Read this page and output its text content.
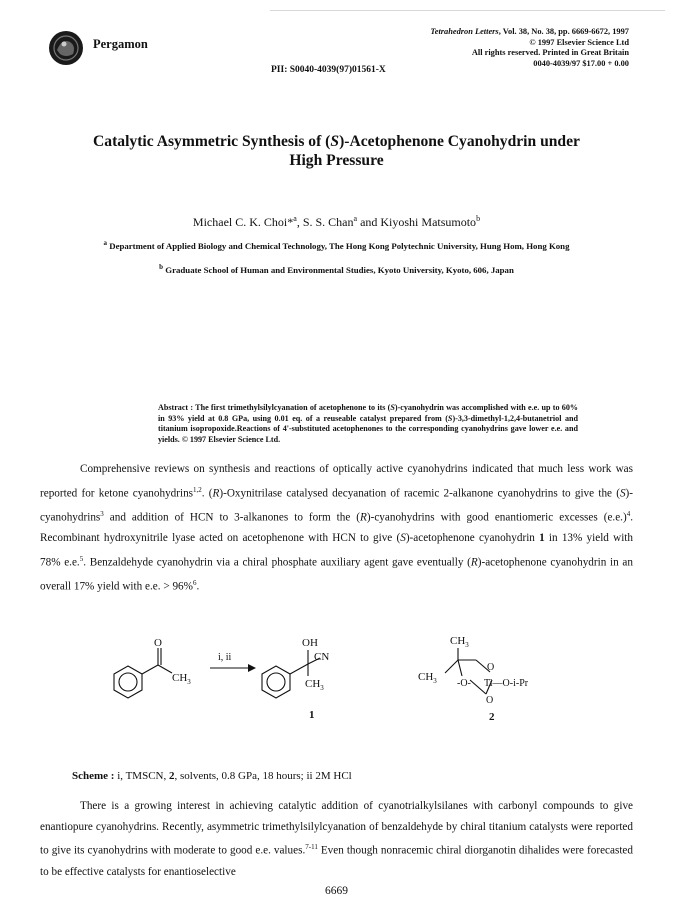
Pergamon
Tetrahedron Letters, Vol. 38, No. 38, pp. 6669-6672, 1997
© 1997 Elsevier Science Ltd
All rights reserved. Printed in Great Britain
0040-4039/97 $17.00 + 0.00
PII: S0040-4039(97)01561-X
Catalytic Asymmetric Synthesis of (S)-Acetophenone Cyanohydrin under
High Pressure
Michael C. K. Choi*$^a$, S. S. Chan$^a$ and Kiyoshi Matsumoto$^b$
$^a$ Department of Applied Biology and Chemical Technology, The Hong Kong Polytechnic University, Hung Hom, Hong Kong
$^b$ Graduate School of Human and Environmental Studies, Kyoto University, Kyoto, 606, Japan
Abstract : The first trimethylsilylcyanation of acetophenone to its (S)-cyanohydrin was accomplished with e.e. up to 60% in 93% yield at 0.8 GPa, using 0.01 eq. of a reuseable catalyst prepared from (S)-3,3-dimethyl-1,2,4-butanetriol and titanium isopropoxide.Reactions of 4'-substituted acetophenones to the corresponding cyanohydrins gave lower e.e. and yields. © 1997 Elsevier Science Ltd.

Comprehensive reviews on synthesis and reactions of optically active cyanohydrins indicated that much less work was reported for ketone cyanohydrins$^{1,2}$. (R)-Oxynitrilase catalysed decyanation of racemic 2-alkanone cyanohydrins to give the (S)-cyanohydrins$^3$ and addition of HCN to 3-alkanones to form the (R)-cyanohydrins with good enantiomeric excesses $(e.e.)^4$. Recombinant hydroxynitrile lyase acted on acetophenone with HCN to give (S)-acetophenone cyanohydrin 1 in 13% yield with 78% e.e.$^5$. Benzaldehyde cyanohydrin via a chiral phosphate auxiliary agent gave eventually (R)-acetophenone cyanohydrin in an overall 17% yield with e.e. > 96%$^6$.

O
$CH_3$
i, ii
OH
CN
$CH_3$
1
$CH_3$
$CH_3$
O
-O- Ti—O-i-Pr
O
2
Scheme : i, TMSCN, 2, solvents, 0.8 GPa, 18 hours; ii 2M HCl

There is a growing interest in achieving catalytic addition of cyanotrialkylsilanes with carbonyl compounds to give enantiopure cyanohydrins. Recently, asymmetric trimethylsilylcyanation of benzaldehyde by chiral titanium catalysts were reported to give its cyanohydrins with moderate to good e.e. values.$^{7-11}$ Even though nonracemic chiral diorganotin dihalides were forecasted to be effective catalysts for enantioselective

6669
